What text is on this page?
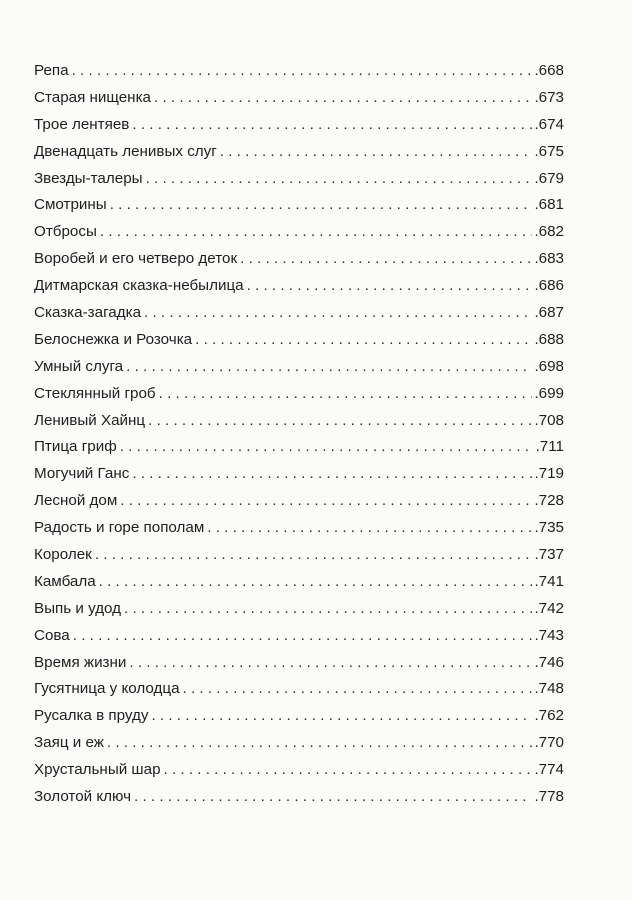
Репа . . .	.668
Старая нищенка . . .	.673
Трое лентяев . . .	.674
Двенадцать ленивых слуг . . .	.675
Звезды-талеры . . .	.679
Смотрины . . .	.681
Отбросы . . .	.682
Воробей и его четверо деток . . .	.683
Дитмарская сказка-небылица . . .	.686
Сказка-загадка . . .	.687
Белоснежка и Розочка . . .	.688
Умный слуга . . .	.698
Стеклянный гроб . . .	.699
Ленивый Хайнц . . .	.708
Птица гриф . . .	.711
Могучий Ганс . . .	.719
Лесной дом . . .	.728
Радость и горе пополам . . .	.735
Королек . . .	.737
Камбала . . .	.741
Выпь и удод . . .	.742
Сова . . .	.743
Время жизни . . .	.746
Гусятница у колодца . . .	.748
Русалка в пруду . . .	.762
Заяц и еж . . .	.770
Хрустальный шар . . .	.774
Золотой ключ . . .	.778
